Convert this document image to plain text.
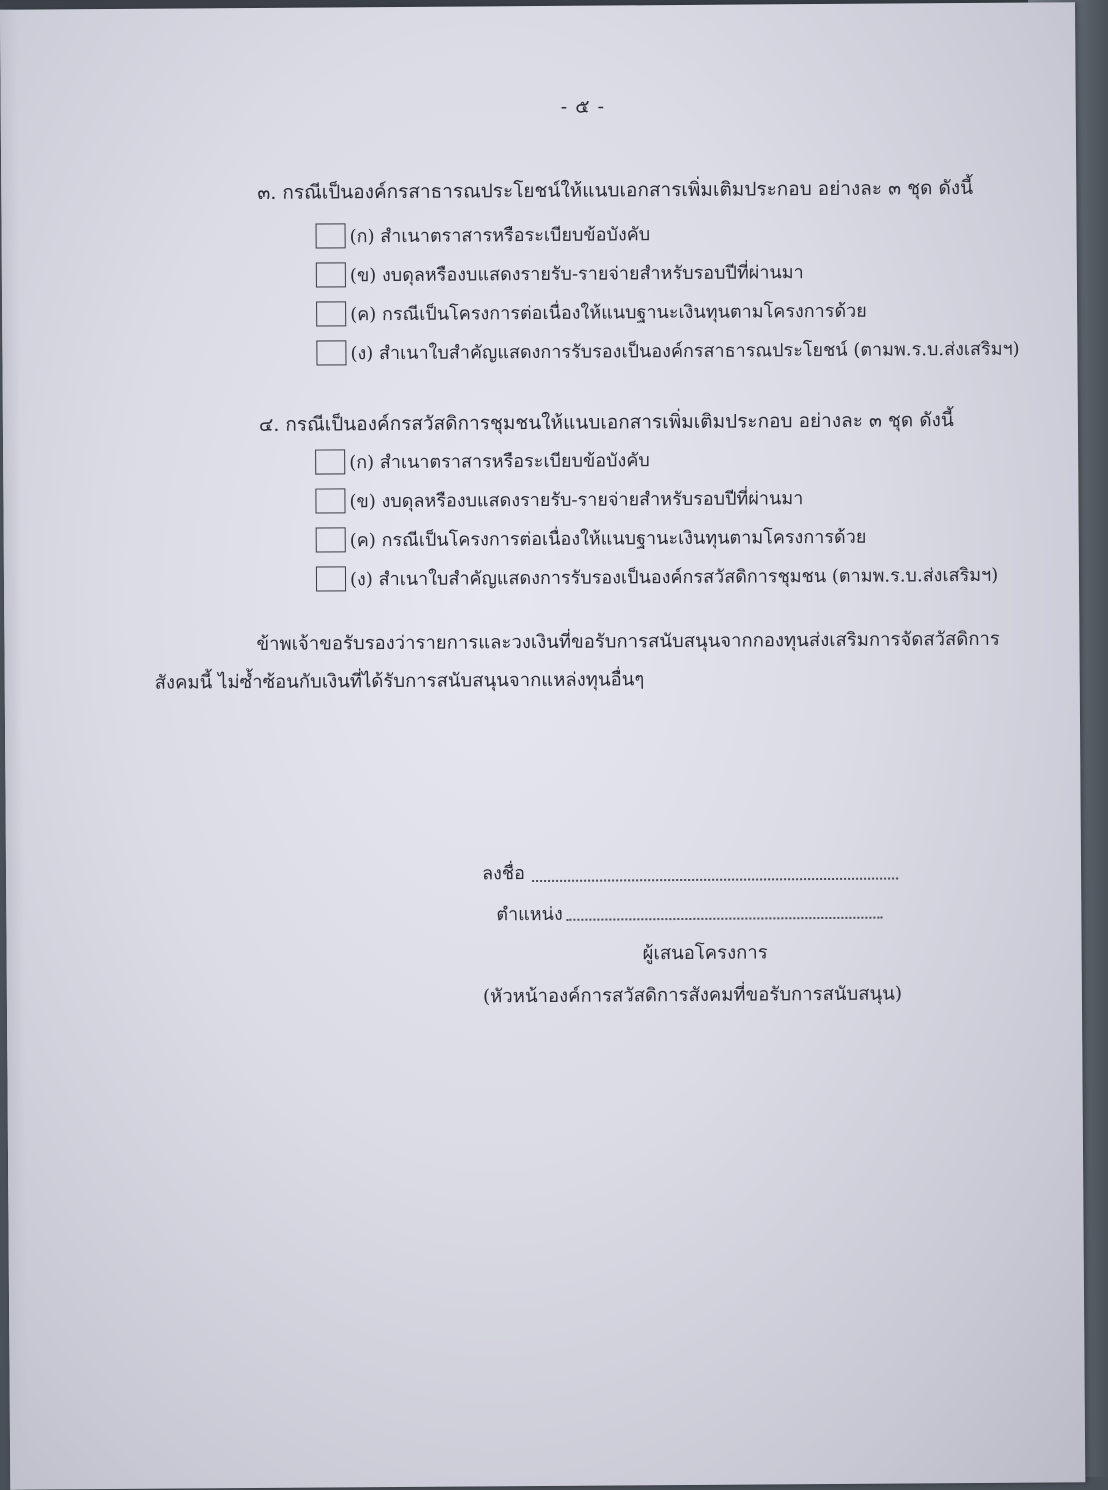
- ๕ -
๓. กรณีเป็นองค์กรสาธารณประโยชน์ให้แนบเอกสารเพิ่มเติมประกอบ อย่างละ ๓ ชุด ดังนี้
(ก) สำเนาตราสารหรือระเบียบข้อบังคับ
(ข) งบดุลหรืองบแสดงรายรับ-รายจ่ายสำหรับรอบปีที่ผ่านมา
(ค) กรณีเป็นโครงการต่อเนื่องให้แนบฐานะเงินทุนตามโครงการด้วย
(ง) สำเนาใบสำคัญแสดงการรับรองเป็นองค์กรสาธารณประโยชน์ (ตามพ.ร.บ.ส่งเสริมฯ)
๔. กรณีเป็นองค์กรสวัสดิการชุมชนให้แนบเอกสารเพิ่มเติมประกอบ อย่างละ ๓ ชุด ดังนี้
(ก) สำเนาตราสารหรือระเบียบข้อบังคับ
(ข) งบดุลหรืองบแสดงรายรับ-รายจ่ายสำหรับรอบปีที่ผ่านมา
(ค) กรณีเป็นโครงการต่อเนื่องให้แนบฐานะเงินทุนตามโครงการด้วย
(ง) สำเนาใบสำคัญแสดงการรับรองเป็นองค์กรสวัสดิการชุมชน (ตามพ.ร.บ.ส่งเสริมฯ)
ข้าพเจ้าขอรับรองว่ารายการและวงเงินที่ขอรับการสนับสนุนจากกองทุนส่งเสริมการจัดสวัสดิการ
สังคมนี้ ไม่ซ้ำซ้อนกับเงินที่ได้รับการสนับสนุนจากแหล่งทุนอื่นๆ
ลงชื่อ
ตำแหน่ง
ผู้เสนอโครงการ
(หัวหน้าองค์การสวัสดิการสังคมที่ขอรับการสนับสนุน)
